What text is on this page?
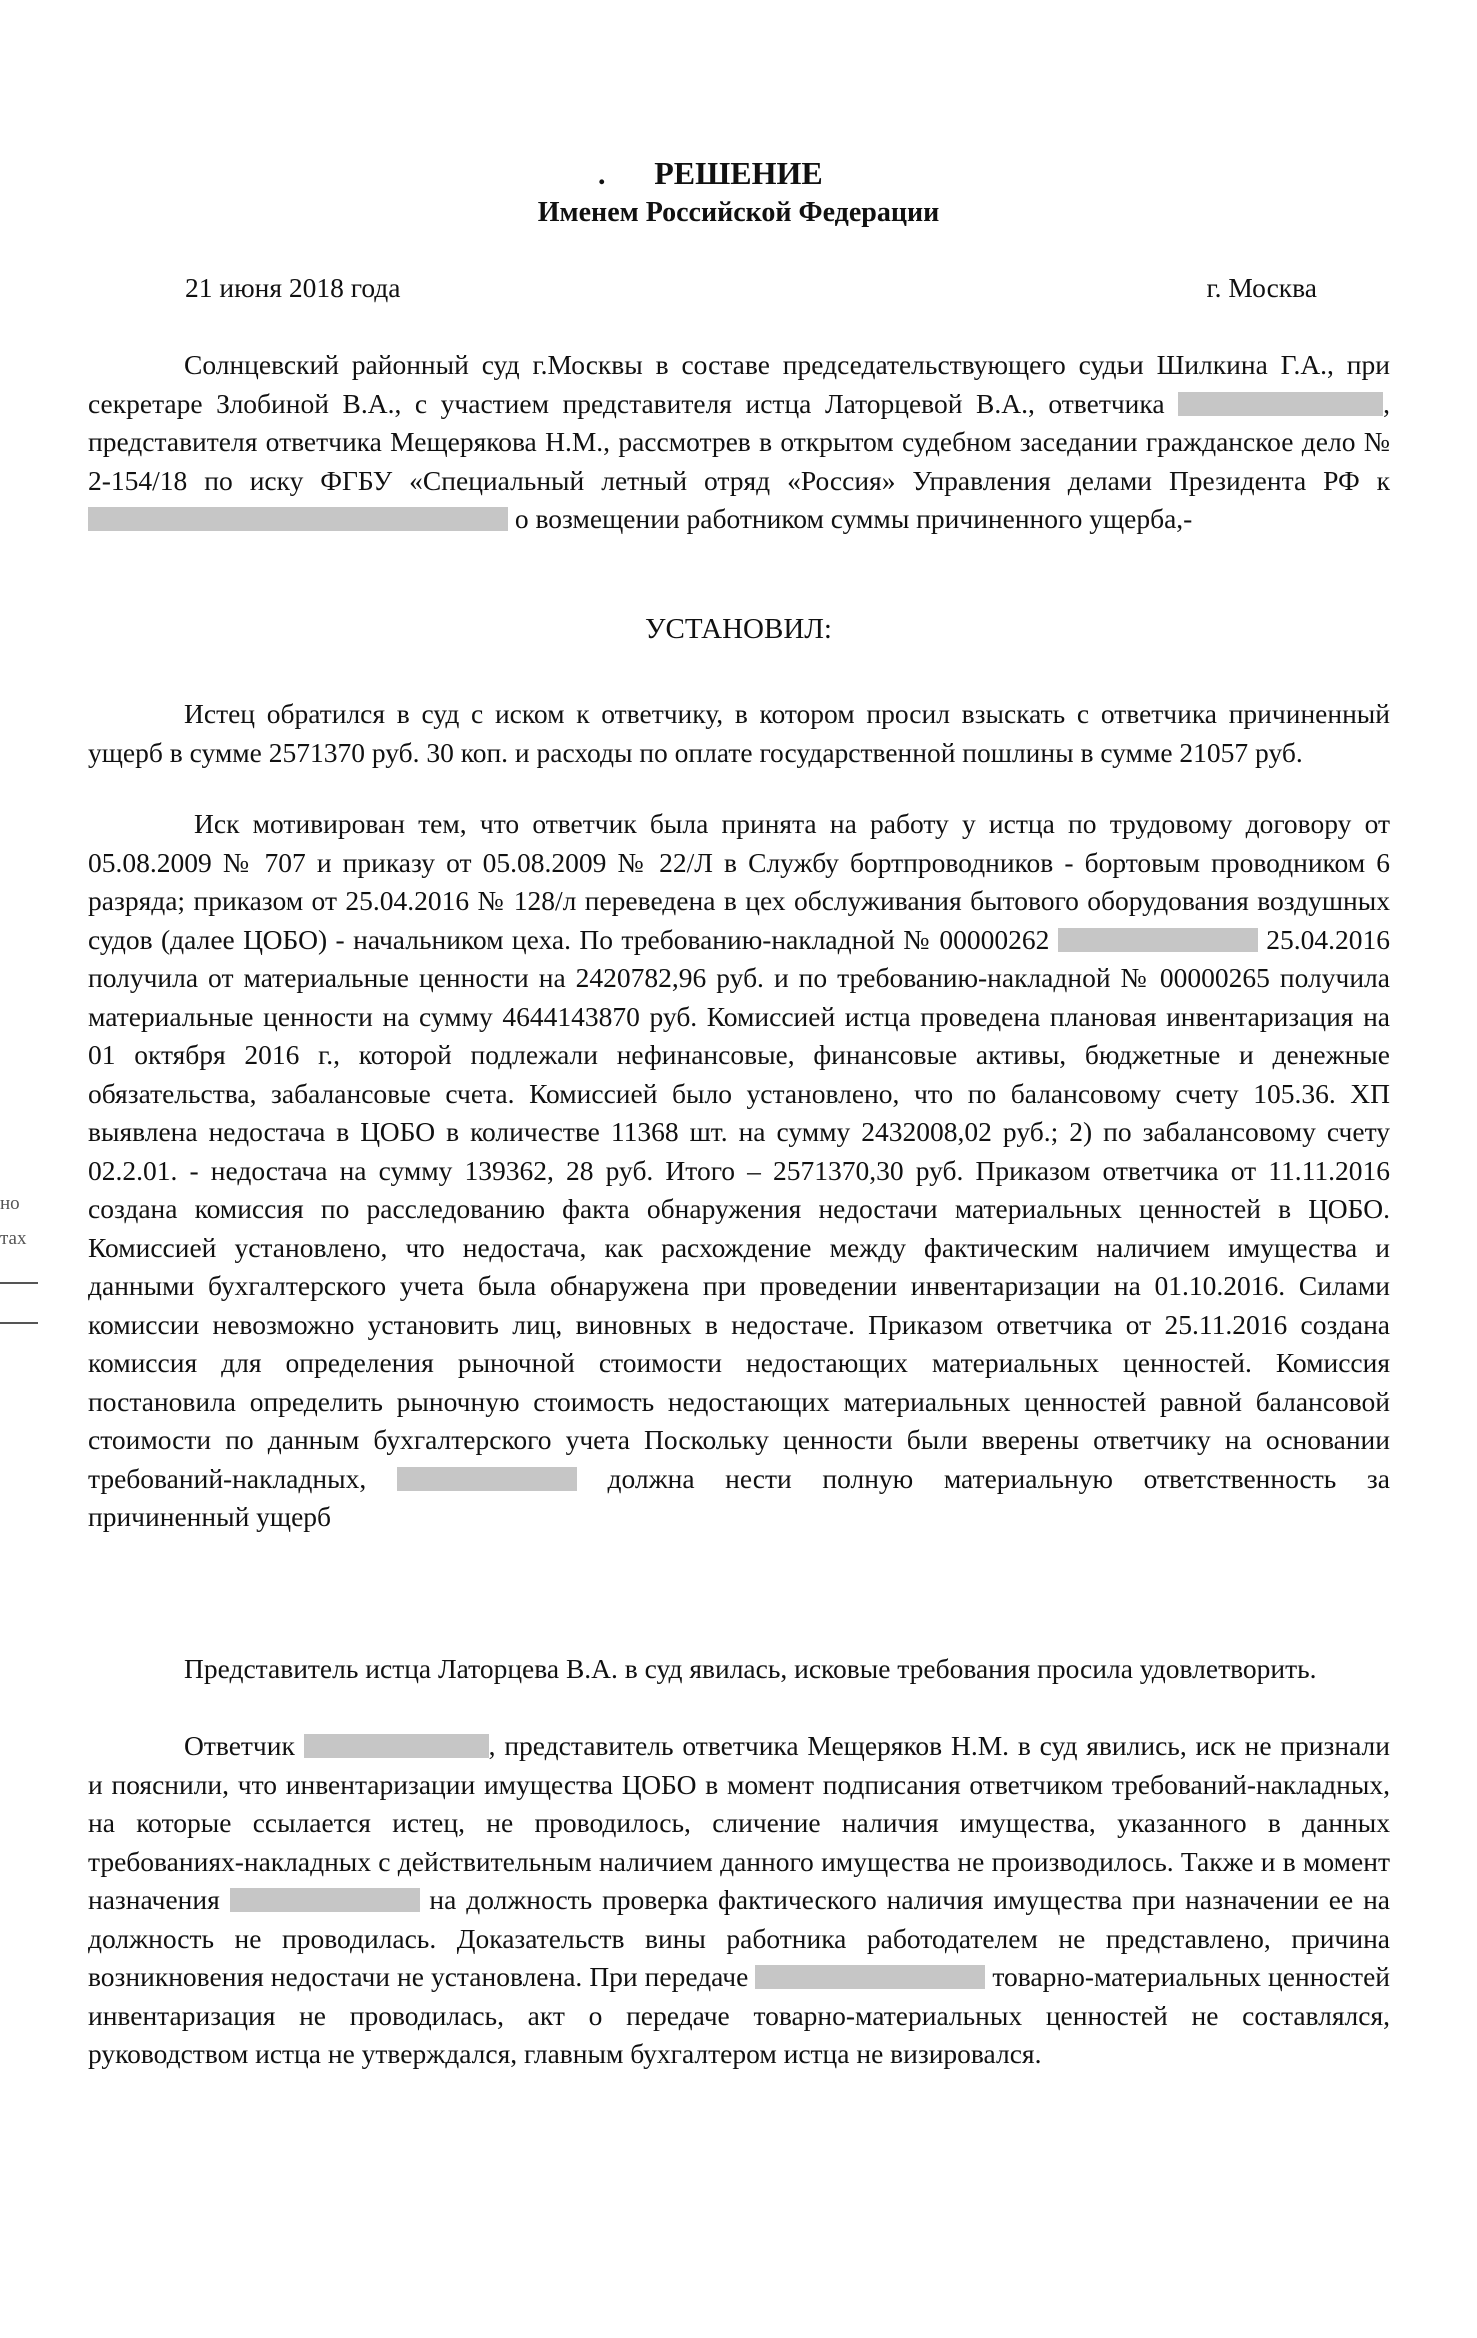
.	РЕШЕНИЕ
Именем Российской Федерации
21 июня 2018 года	г. Москва

Солнцевский районный суд г.Москвы в составе председательствующего судьи Шилкина Г.А., при секретаре Злобиной В.А., с участием представителя истца Латорцевой В.А., ответчика	, представителя ответчика Мещерякова Н.М., рассмотрев в открытом судебном заседании гражданское дело № 2-154/18 по иску ФГБУ «Специальный летный отряд «Россия» Управления делами Президента РФ к  о возмещении работником суммы причиненного ущерба,-

УСТАНОВИЛ:

Истец обратился в суд с иском к ответчику, в котором просил взыскать с ответчика причиненный ущерб в сумме 2571370 руб. 30 коп. и расходы по оплате государственной пошлины в сумме 21057 руб.

Иск мотивирован тем, что ответчик была принята на работу у истца по трудовому договору от 05.08.2009 № 707 и приказу от 05.08.2009 № 22/Л в Службу бортпроводников - бортовым проводником 6 разряда; приказом от 25.04.2016 № 128/л переведена в цех обслуживания бытового оборудования воздушных судов (далее ЦОБО) - начальником цеха. По требованию-накладной № 00000262	25.04.2016 получила от материальные ценности на 2420782,96 руб. и по требованию-накладной № 00000265 получила материальные ценности на сумму 4644143870 руб. Комиссией истца проведена плановая инвентаризация на 01 октября 2016 г., которой подлежали нефинансовые, финансовые активы, бюджетные и денежные обязательства, забалансовые счета. Комиссией было установлено, что по балансовому счету 105.36. ХП выявлена недостача в ЦОБО в количестве 11368 шт. на сумму 2432008,02 руб.; 2) по забалансовому счету 02.2.01. - недостача на сумму 139362, 28 руб. Итого – 2571370,30 руб. Приказом ответчика от 11.11.2016 создана комиссия по расследованию факта обнаружения недостачи материальных ценностей в ЦОБО. Комиссией установлено, что недостача, как расхождение между фактическим наличием имущества и данными бухгалтерского учета была обнаружена при проведении инвентаризации на 01.10.2016. Силами комиссии невозможно установить лиц, виновных в недостаче. Приказом ответчика от 25.11.2016 создана комиссия для определения рыночной стоимости недостающих материальных ценностей. Комиссия постановила определить рыночную стоимость недостающих материальных ценностей равной балансовой стоимости по данным бухгалтерского учета Поскольку ценности были вверены ответчику на основании требований-накладных,	должна нести полную материальную ответственность за причиненный ущерб

Представитель истца Латорцева В.А. в суд явилась, исковые требования просила удовлетворить.

Ответчик	, представитель ответчика Мещеряков Н.М. в суд явились, иск не признали и пояснили, что инвентаризации имущества ЦОБО в момент подписания ответчиком требований-накладных, на которые ссылается истец, не проводилось, сличение наличия имущества, указанного в данных требованиях-накладных с действительным наличием данного имущества не производилось. Также и в момент назначения	на должность проверка фактического наличия имущества при назначении ее на должность не проводилась. Доказательств вины работника работодателем не представлено, причина возникновения недостачи не установлена. При передаче	товарно-материальных ценностей инвентаризация не проводилась, акт о передаче товарно-материальных ценностей не составлялся, руководством истца не утверждался, главным бухгалтером истца не визировался.

но
тах
